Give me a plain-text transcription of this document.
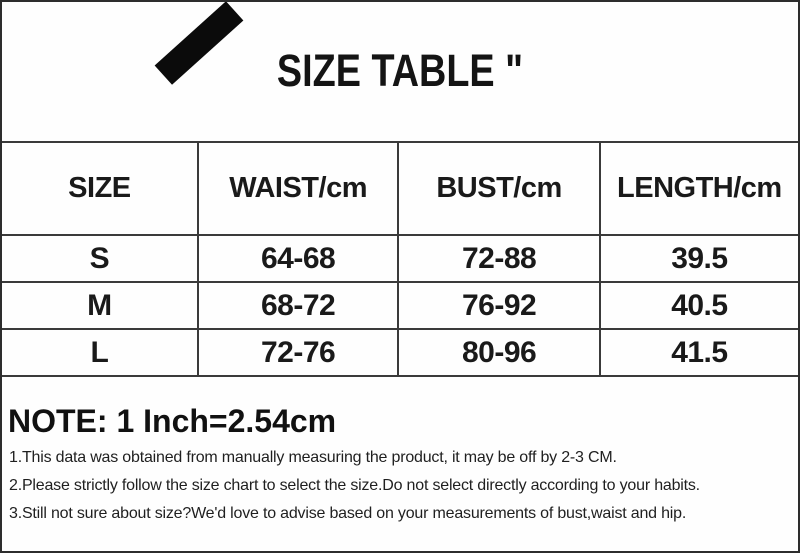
SIZE TABLE "
SIZE	WAIST/cm	BUST/cm	LENGTH/cm
S	64-68	72-88	39.5
M	68-72	76-92	40.5
L	72-76	80-96	41.5
NOTE: 1 Inch=2.54cm
1.This data was obtained from manually measuring the product, it may be off by 2-3 CM.
2.Please strictly follow the size chart to select the size.Do not select directly according to your habits.
3.Still not sure about size?We'd love to advise based on your measurements of bust,waist and hip.
